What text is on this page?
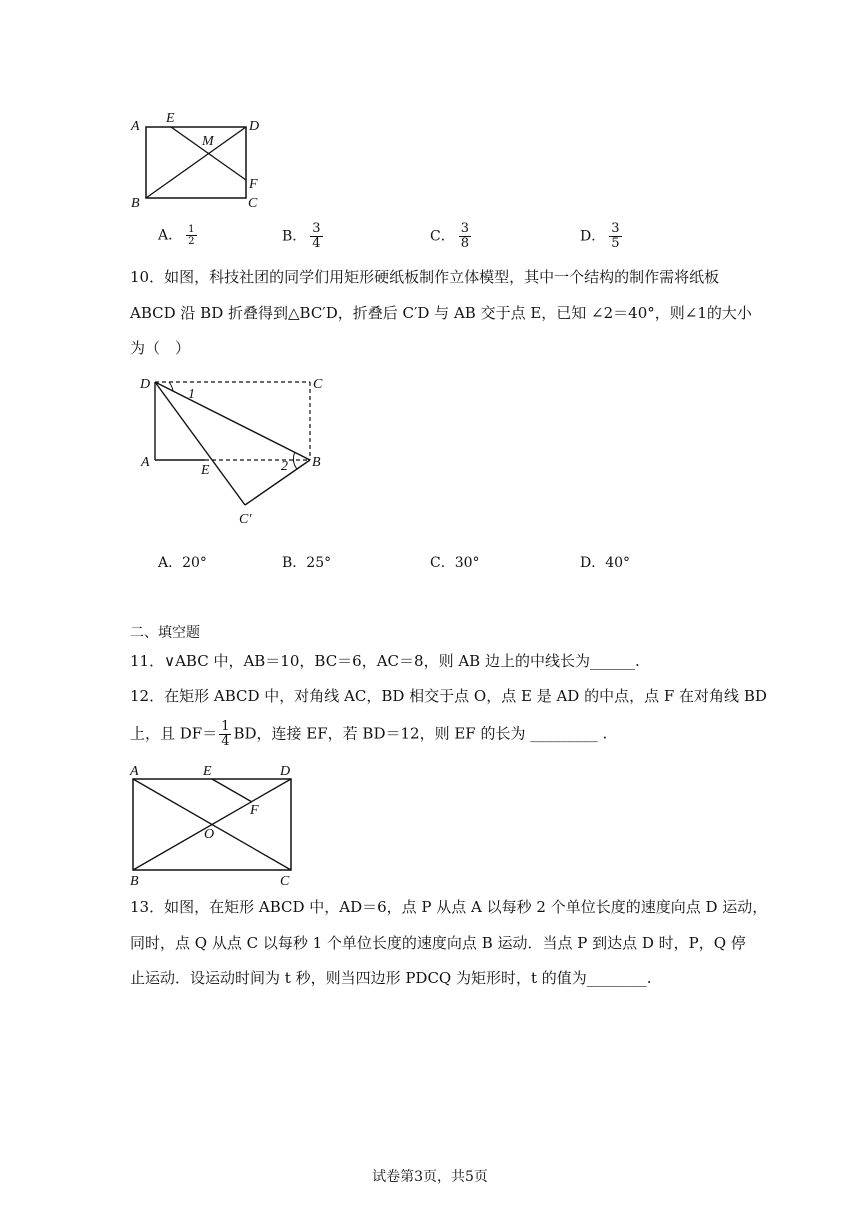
A
E
M
D
F
B	C
A． $\frac{1}{2}$	B． $\frac{3}{4}$	C． $\frac{3}{8}$	D． $\frac{3}{5}$
10．如图，科技社团的同学们用矩形硬纸板制作立体模型，其中一个结构的制作需将纸板
ABCD 沿 BD 折叠得到△BC′D，折叠后 C′D 与 AB 交于点 E，已知 ∠2＝40°，则∠1的大小
为（　）
D	C
A
E
B
C′
1
2
A．20°	B．25°	C．30°	D．40°
二、填空题
11．∨ABC 中，AB＝10，BC＝6，AC＝8，则 AB 边上的中线长为______.
12．在矩形 ABCD 中，对角线 AC，BD 相交于点 O，点 E 是 AD 的中点，点 F 在对角线 BD
上，且 $DF= \frac{1}{4}$ BD，连接 EF，若 BD＝12，则 EF 的长为 _________ .
A	E	D
F
O
B	C
13．如图，在矩形 ABCD 中，AD＝6，点 P 从点 A 以每秒 2 个单位长度的速度向点 D 运动，
同时，点 Q 从点 C 以每秒 1 个单位长度的速度向点 B 运动．当点 P 到达点 D 时，P，Q 停
止运动．设运动时间为 t 秒，则当四边形 PDCQ 为矩形时，t 的值为________.
试卷第3页，共5页
